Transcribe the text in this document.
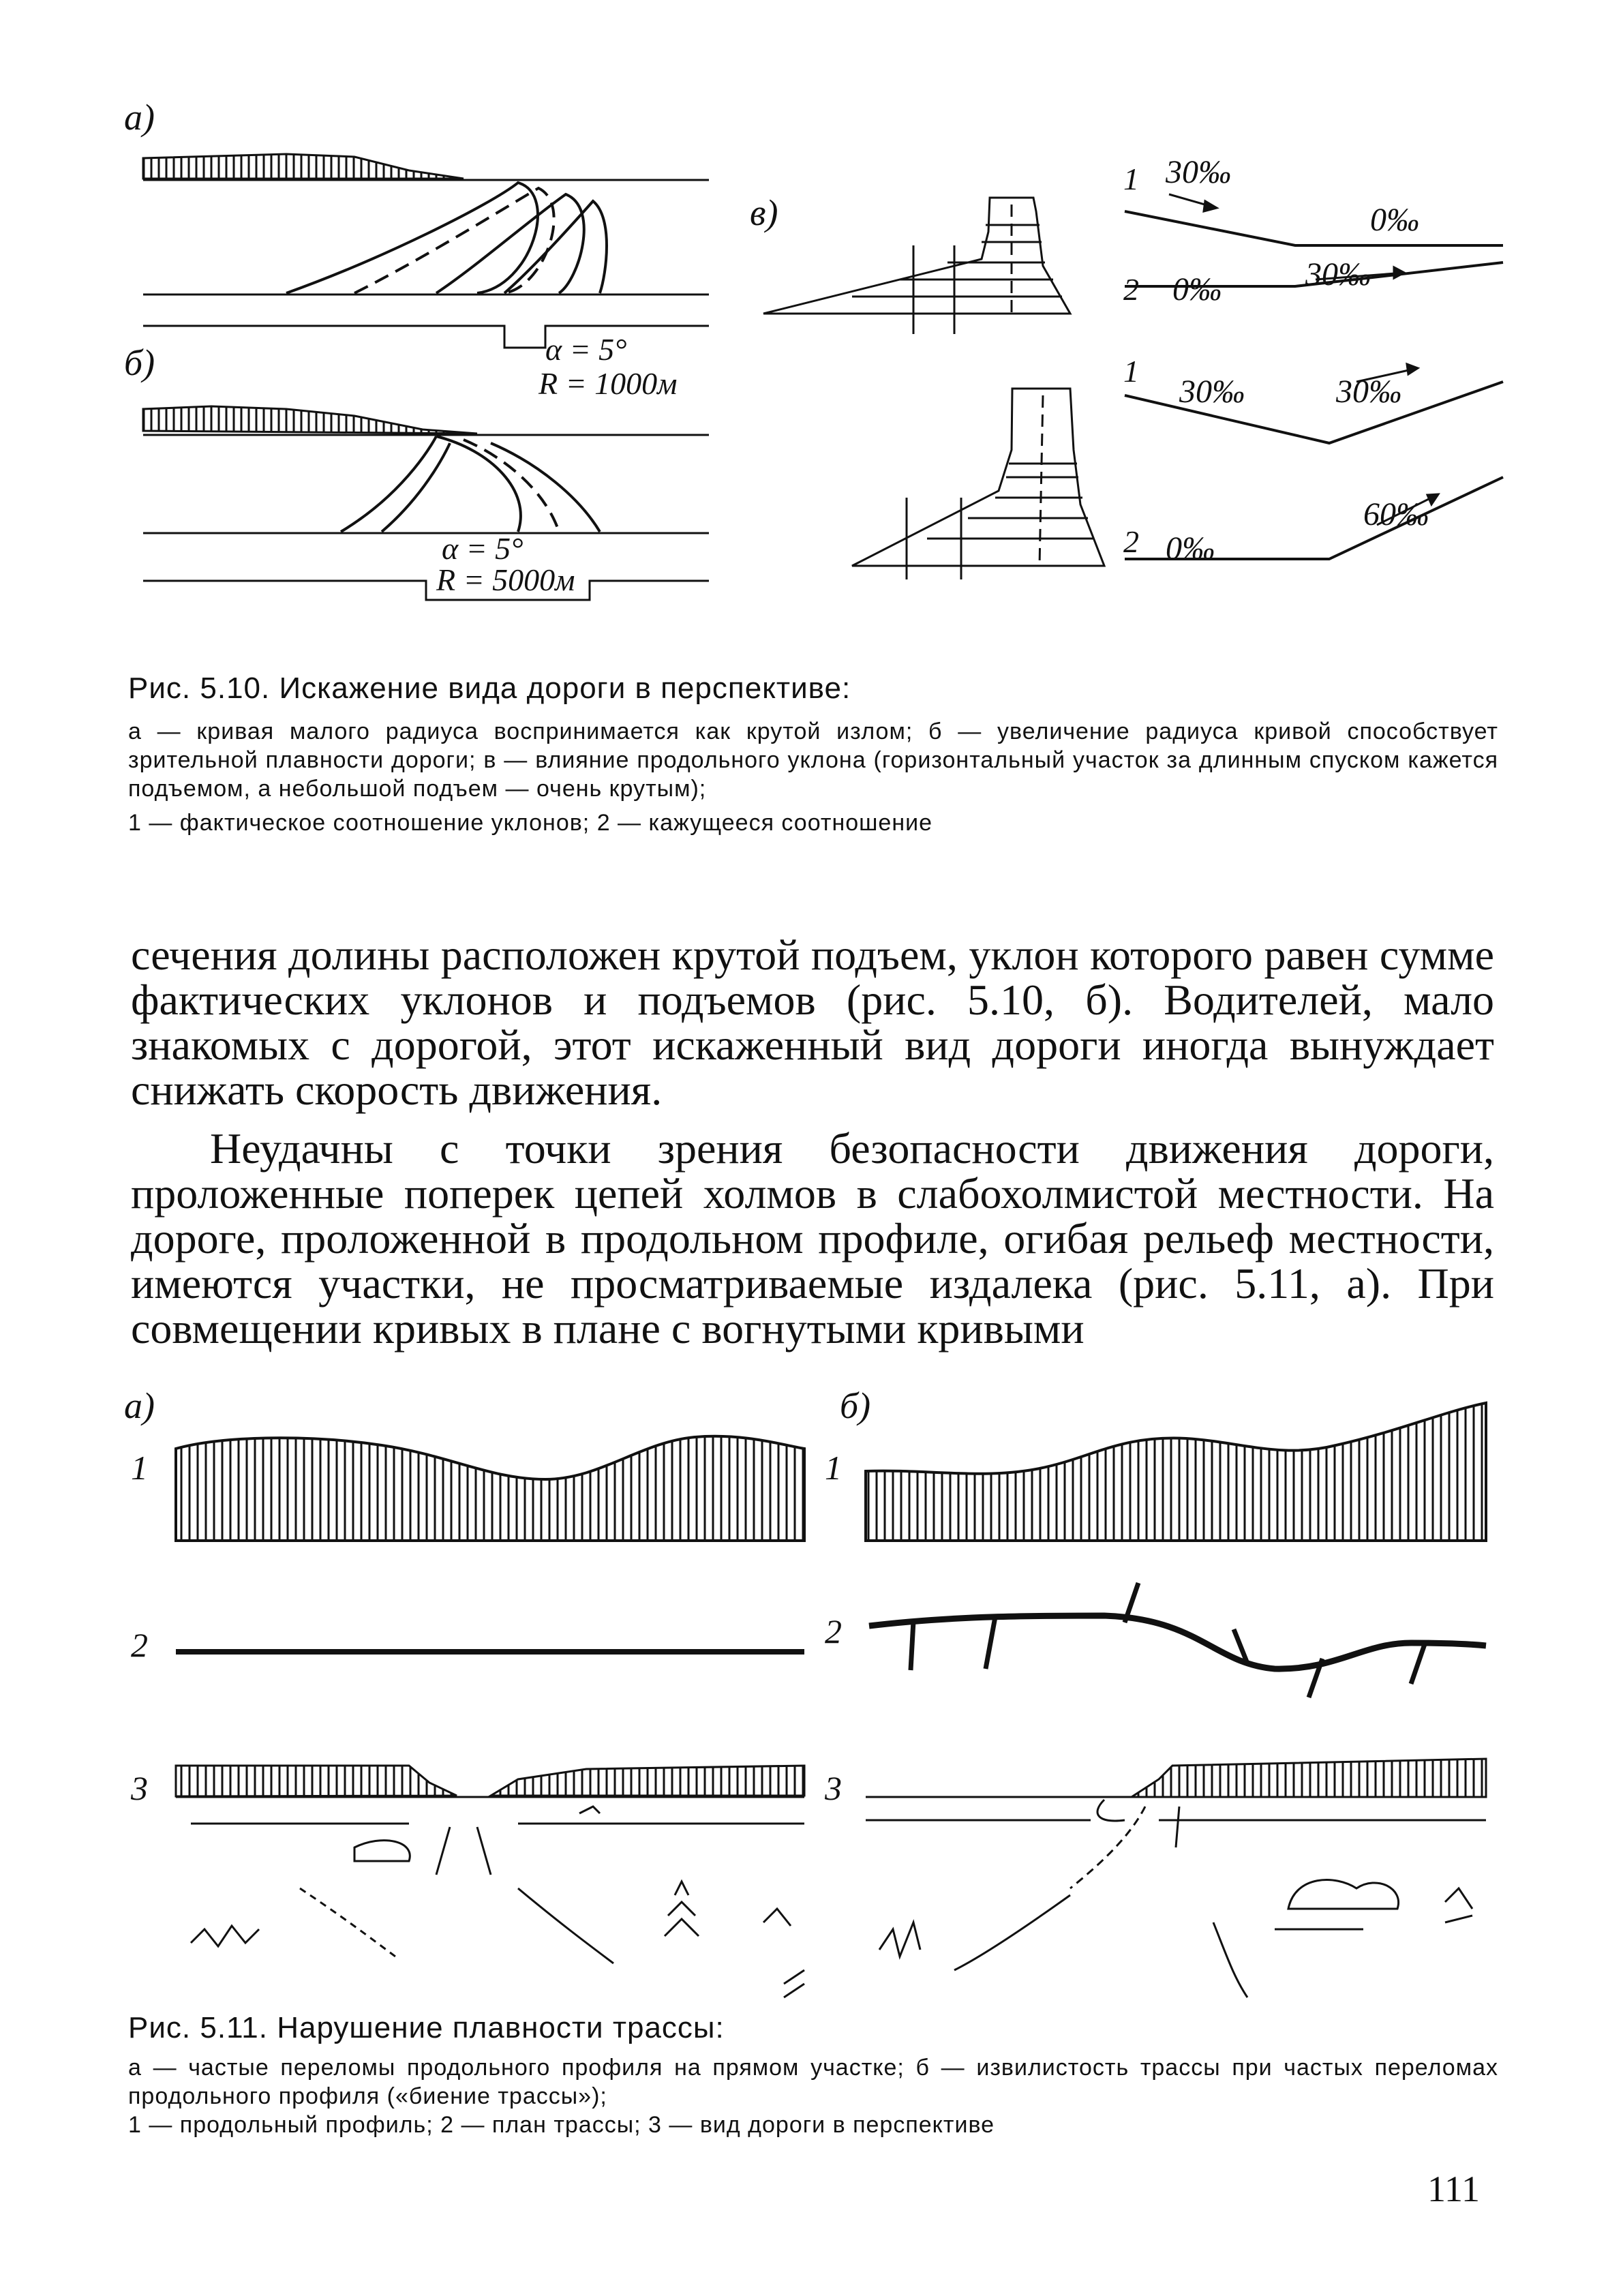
а)
α = 5°
R = 1000м
б)
α = 5°
R = 5000м
в)
1 30‰
0‰
2 0‰	30‰
1
30‰	30‰
2 0‰
60‰
Рис. 5.10. Искажение вида дороги в перспективе:
а — кривая малого радиуса воспринимается как крутой излом; б — увеличение радиуса кривой способствует зрительной плавности дороги; в — влияние продольного уклона (горизонтальный участок за длинным спуском кажется подъемом, а небольшой подъем — очень крутым);
1 — фактическое соотношение уклонов; 2 — кажущееся соотношение

сечения долины расположен крутой подъем, уклон которого равен сумме фактических уклонов и подъемов (рис. 5.10, б). Водителей, мало знакомых с дорогой, этот искаженный вид дороги иногда вынуждает снижать скорость движения.

Неудачны с точки зрения безопасности движения дороги, проложенные поперек цепей холмов в слабохолмистой местности. На дороге, проложенной в продольном профиле, огибая рельеф местности, имеются участки, не просматриваемые издалека (рис. 5.11, а). При совмещении кривых в плане с вогнутыми кривыми

а)	б)
1
2
3
1
2
3
Рис. 5.11. Нарушение плавности трассы:
а — частые переломы продольного профиля на прямом участке; б — извилистость трассы при частых переломах продольного профиля («биение трассы»);
1 — продольный профиль; 2 — план трассы; 3 — вид дороги в перспективе
111
